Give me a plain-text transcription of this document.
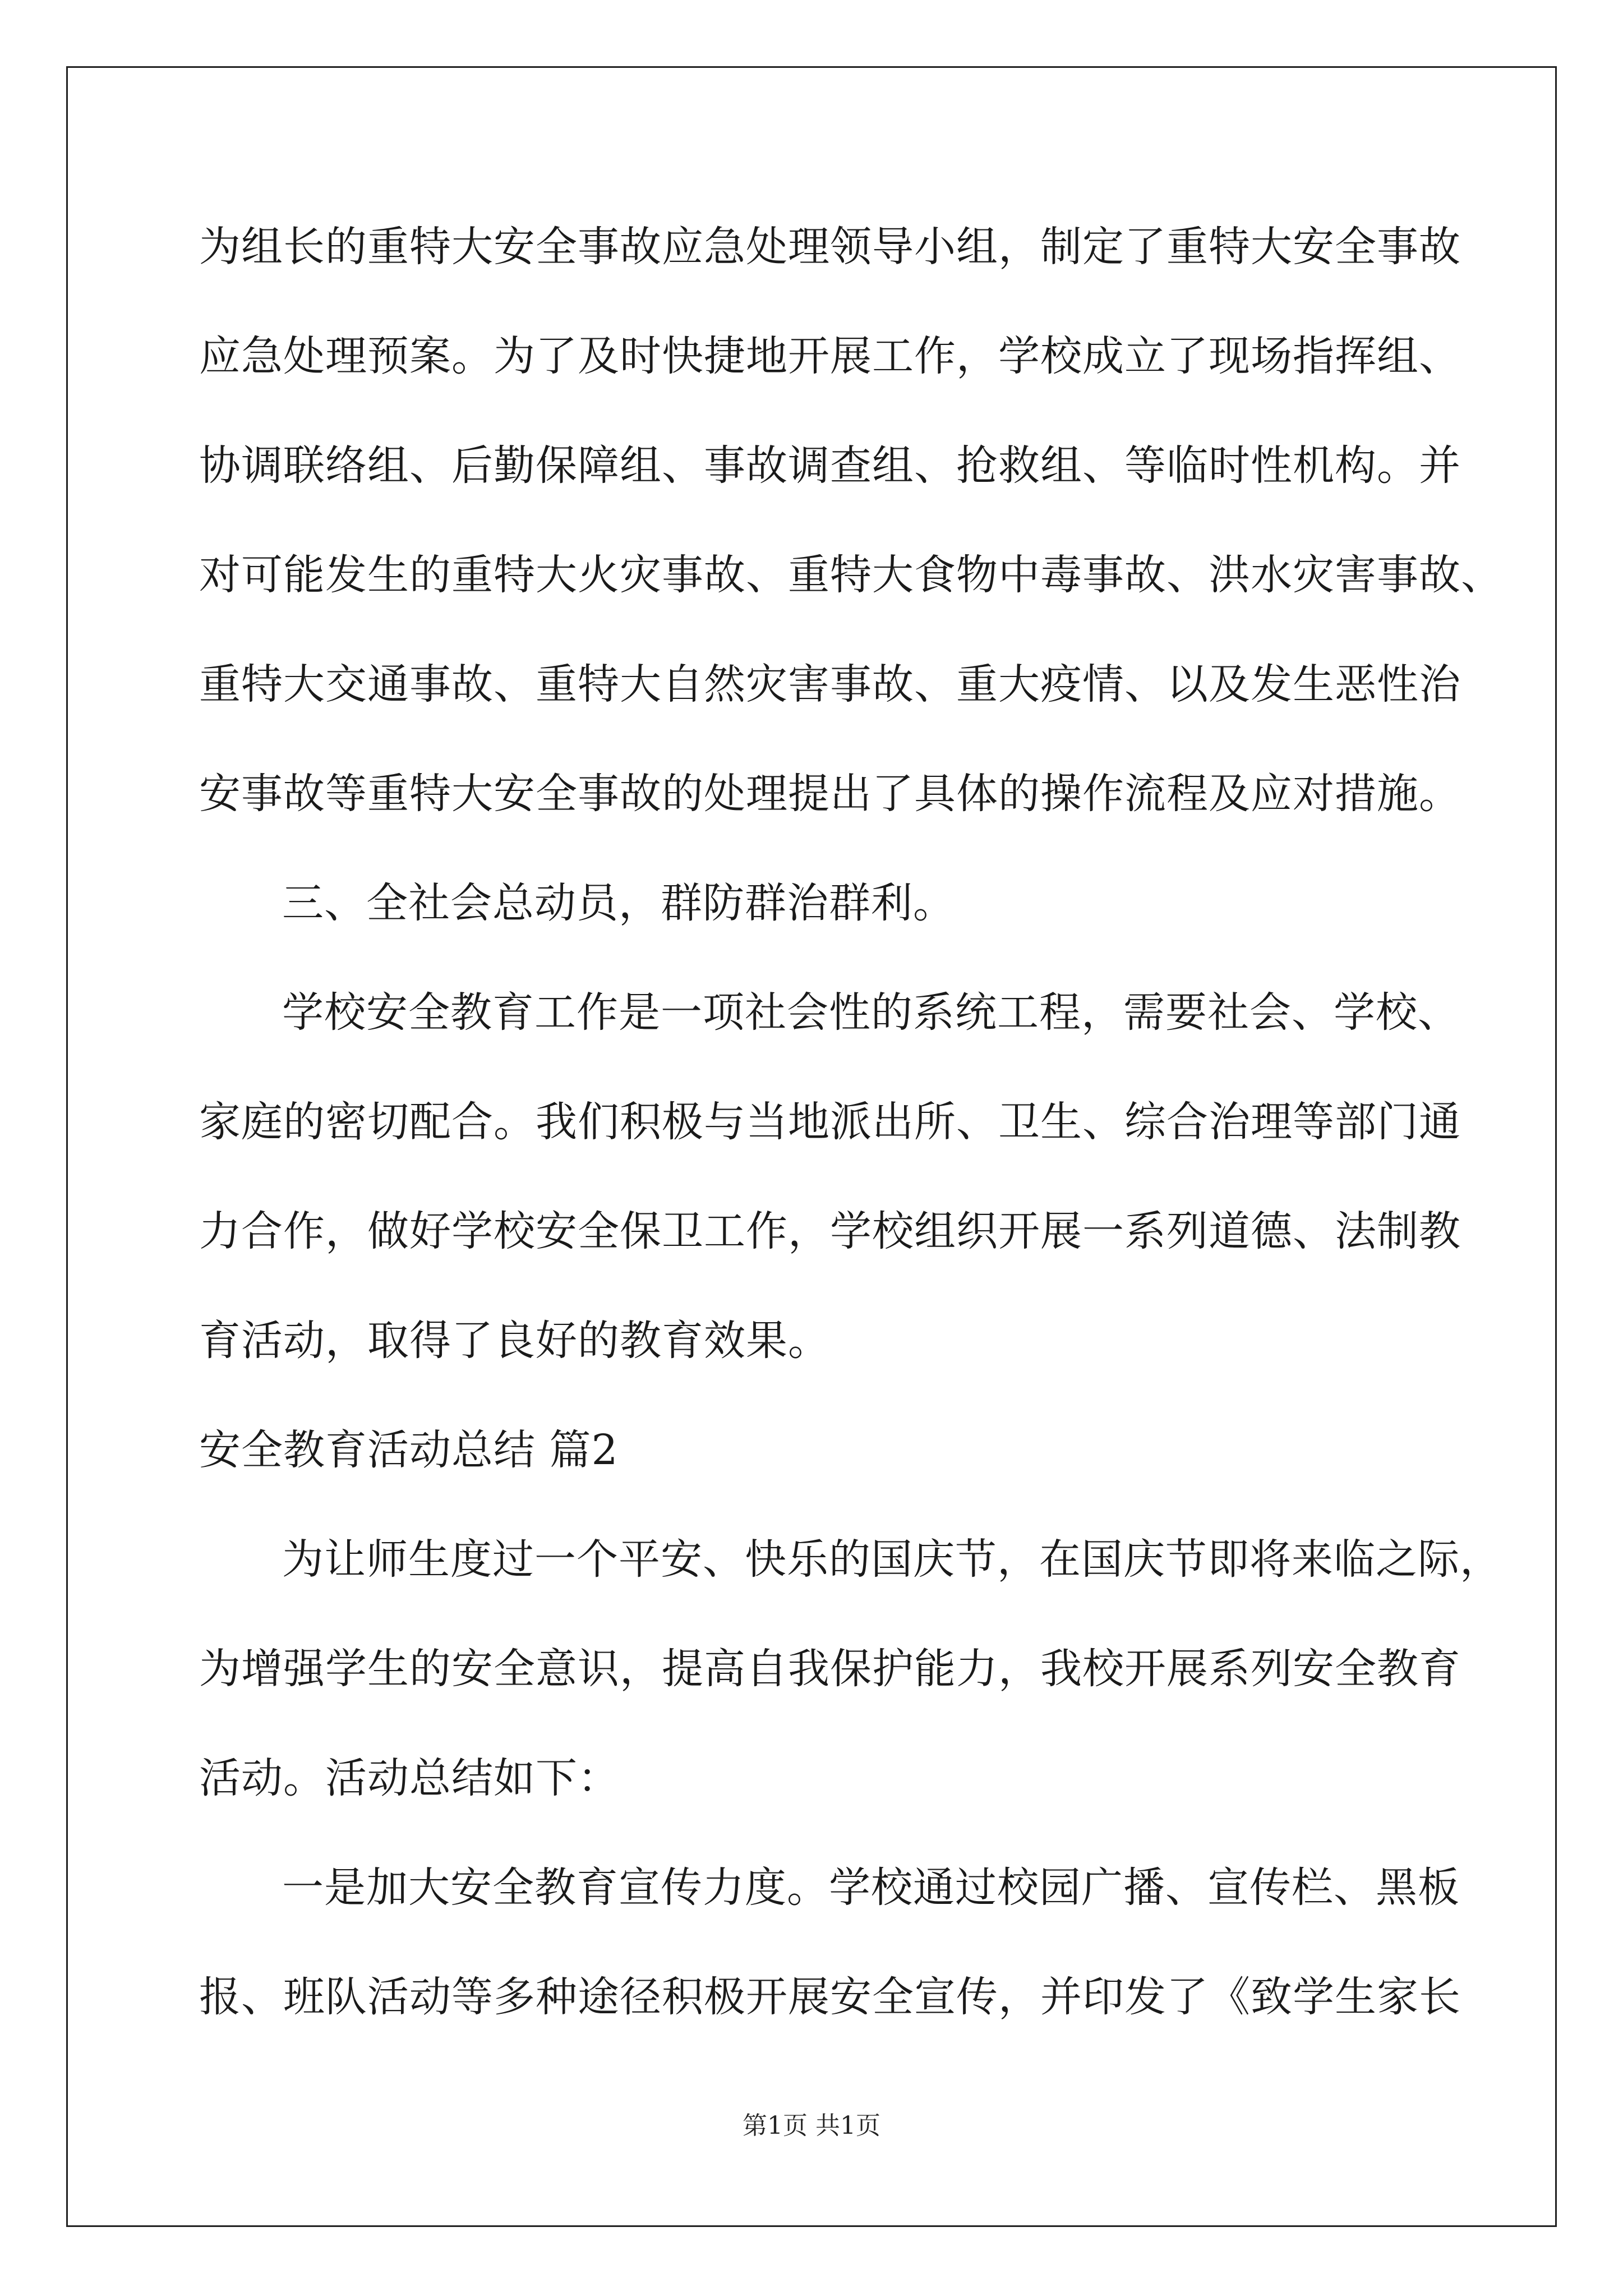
为组长的重特大安全事故应急处理领导小组，制定了重特大安全事故
应急处理预案。为了及时快捷地开展工作，学校成立了现场指挥组、
协调联络组、后勤保障组、事故调查组、抢救组、等临时性机构。并
对可能发生的重特大火灾事故、重特大食物中毒事故、洪水灾害事故、
重特大交通事故、重特大自然灾害事故、重大疫情、以及发生恶性治
安事故等重特大安全事故的处理提出了具体的操作流程及应对措施。
三、全社会总动员，群防群治群利。
学校安全教育工作是一项社会性的系统工程，需要社会、学校、
家庭的密切配合。我们积极与当地派出所、卫生、综合治理等部门通
力合作，做好学校安全保卫工作，学校组织开展一系列道德、法制教
育活动，取得了良好的教育效果。
安全教育活动总结 篇2
为让师生度过一个平安、快乐的国庆节，在国庆节即将来临之际，
为增强学生的安全意识，提高自我保护能力，我校开展系列安全教育
活动。活动总结如下：
一是加大安全教育宣传力度。学校通过校园广播、宣传栏、黑板
报、班队活动等多种途径积极开展安全宣传，并印发了《致学生家长
第1页 共1页
